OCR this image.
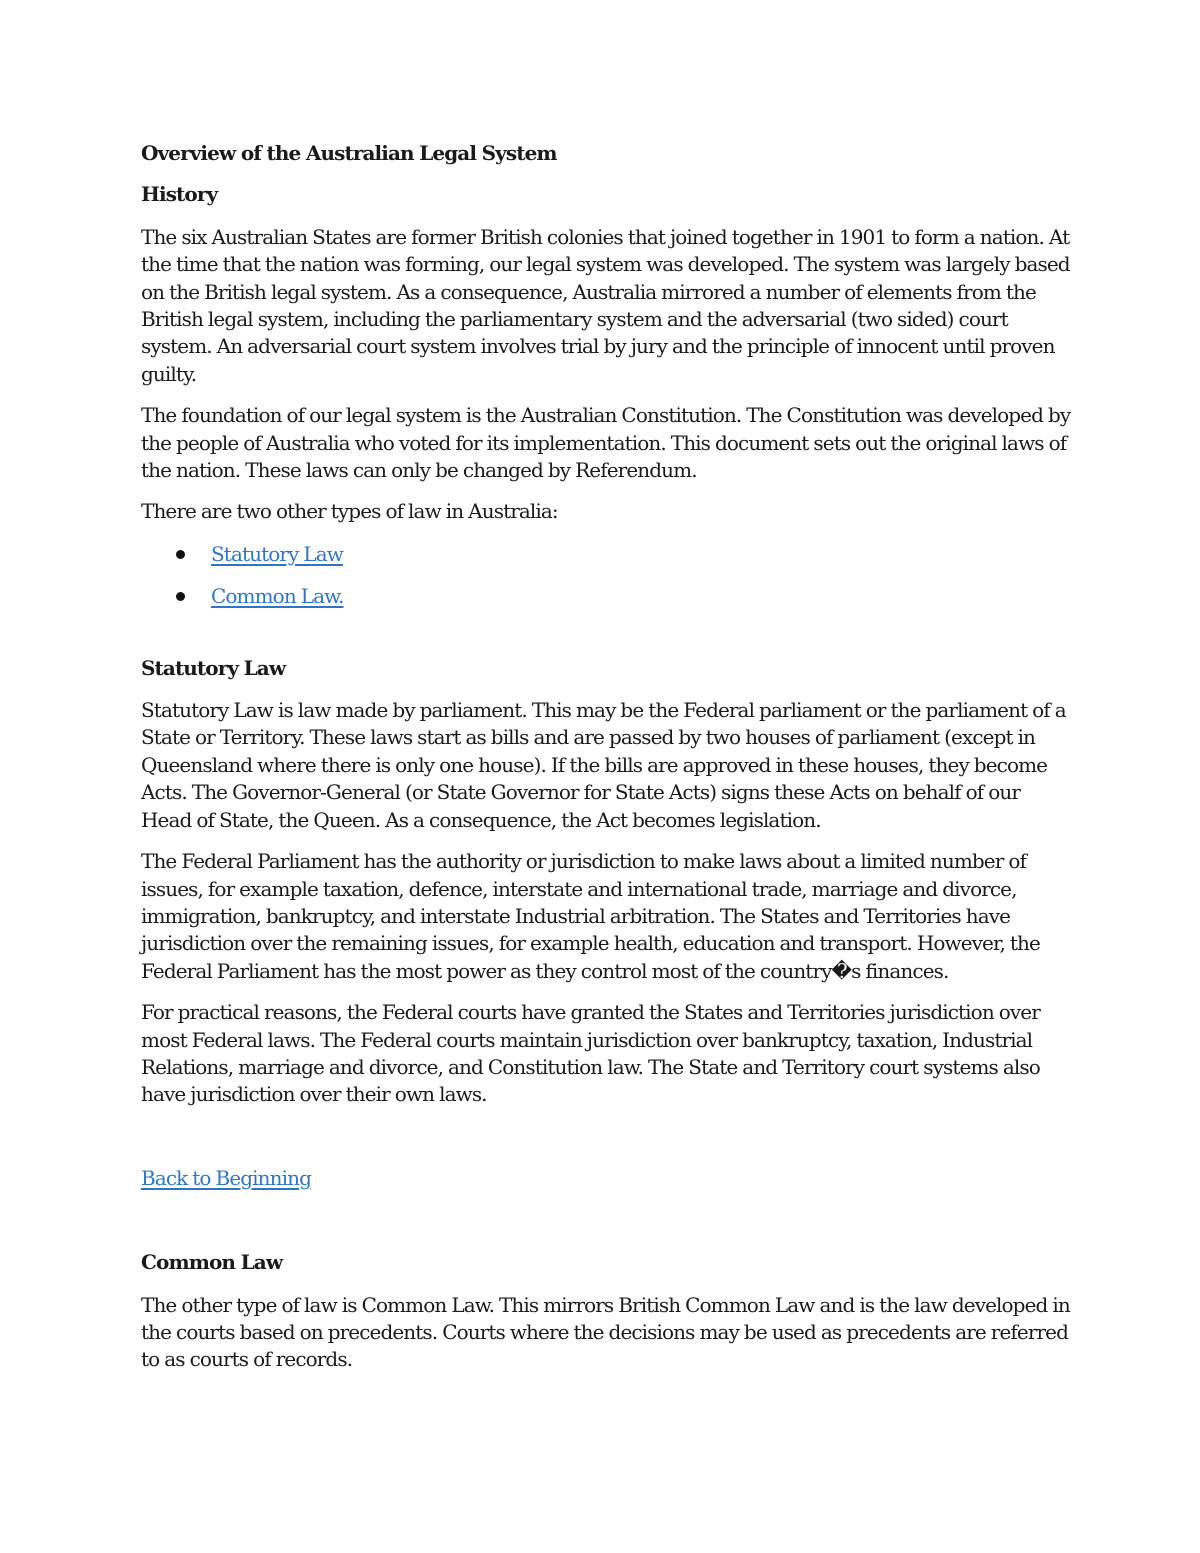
Overview of the Australian Legal System

History

The six Australian States are former British colonies that joined together in 1901 to form a nation. At the time that the nation was forming, our legal system was developed. The system was largely based on the British legal system. As a consequence, Australia mirrored a number of elements from the British legal system, including the parliamentary system and the adversarial (two sided) court system. An adversarial court system involves trial by jury and the principle of innocent until proven guilty.

The foundation of our legal system is the Australian Constitution. The Constitution was developed by the people of Australia who voted for its implementation. This document sets out the original laws of the nation. These laws can only be changed by Referendum.

There are two other types of law in Australia:

Statutory Law
Common Law.

Statutory Law

Statutory Law is law made by parliament. This may be the Federal parliament or the parliament of a State or Territory. These laws start as bills and are passed by two houses of parliament (except in Queensland where there is only one house). If the bills are approved in these houses, they become Acts. The Governor-General (or State Governor for State Acts) signs these Acts on behalf of our Head of State, the Queen. As a consequence, the Act becomes legislation.

The Federal Parliament has the authority or jurisdiction to make laws about a limited number of issues, for example taxation, defence, interstate and international trade, marriage and divorce, immigration, bankruptcy, and interstate Industrial arbitration. The States and Territories have jurisdiction over the remaining issues, for example health, education and transport. However, the Federal Parliament has the most power as they control most of the country�s finances.

For practical reasons, the Federal courts have granted the States and Territories jurisdiction over most Federal laws. The Federal courts maintain jurisdiction over bankruptcy, taxation, Industrial Relations, marriage and divorce, and Constitution law. The State and Territory court systems also have jurisdiction over their own laws.

Back to Beginning

Common Law

The other type of law is Common Law. This mirrors British Common Law and is the law developed in the courts based on precedents. Courts where the decisions may be used as precedents are referred to as courts of records.
